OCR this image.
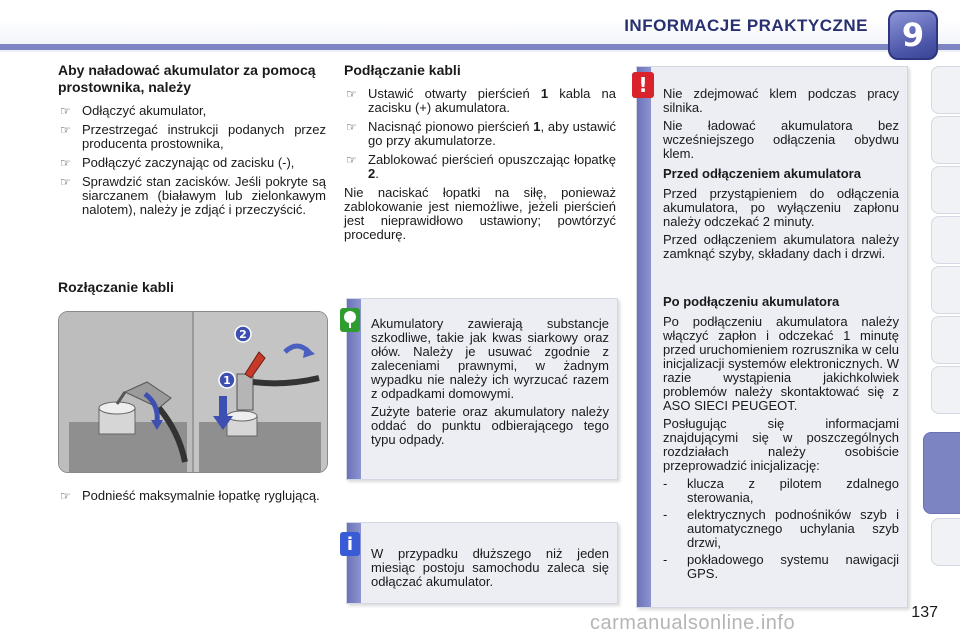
INFORMACJE PRAKTYCZNE	9
Aby naładować akumulator za pomocą prostownika, należy
☞ Odłączyć akumulator,
☞ Przestrzegać instrukcji podanych przez producenta prostownika,
☞ Podłączyć zaczynając od zacisku (-),
☞ Sprawdzić stan zacisków. Jeśli pokryte są siarczanem (białawym lub zielonkawym nalotem), należy je zdjąć i przeczyścić.
Rozłączanie kabli
1
2
☞ Podnieść maksymalnie łopatkę ryglującą.
Podłączanie kabli
☞ Ustawić otwarty pierścień 1 kabla na zacisku (+) akumulatora.
☞ Nacisnąć pionowo pierścień 1, aby ustawić go przy akumulatorze.
☞ Zablokować pierścień opuszczając łopatkę 2.

Nie naciskać łopatki na siłę, ponieważ zablokowanie jest niemożliwe, jeżeli pierścień jest nieprawidłowo ustawiony; powtórzyć procedurę.

Akumulatory zawierają substancje szkodliwe, takie jak kwas siarkowy oraz ołów. Należy je usuwać zgodnie z zaleceniami prawnymi, w żadnym wypadku nie należy ich wyrzucać razem z odpadkami domowymi.

Zużyte baterie oraz akumulatory należy oddać do punktu odbierającego tego typu odpady.

W przypadku dłuższego niż jeden miesiąc postoju samochodu zaleca się odłączać akumulator.

i

Nie zdejmować klem podczas pracy silnika.

Nie ładować akumulatora bez wcześniejszego odłączenia obydwu klem.

Przed odłączeniem akumulatora

Przed przystąpieniem do odłączenia akumulatora, po wyłączeniu zapłonu należy odczekać 2 minuty.

Przed odłączeniem akumulatora należy zamknąć szyby, składany dach i drzwi.

Po podłączeniu akumulatora

Po podłączeniu akumulatora należy włączyć zapłon i odczekać 1 minutę przed uruchomieniem rozrusznika w celu inicjalizacji systemów elektronicznych. W razie wystąpienia jakichkolwiek problemów należy skontaktować się z ASO SIECI PEUGEOT.

Posługując się informacjami znajdującymi się w poszczególnych rozdziałach należy osobiście przeprowadzić inicjalizację:

- klucza z pilotem zdalnego sterowania,
- elektrycznych podnośników szyb i automatycznego uchylania szyb drzwi,
- pokładowego systemu nawigacji GPS.
!
137
carmanualsonline.info
